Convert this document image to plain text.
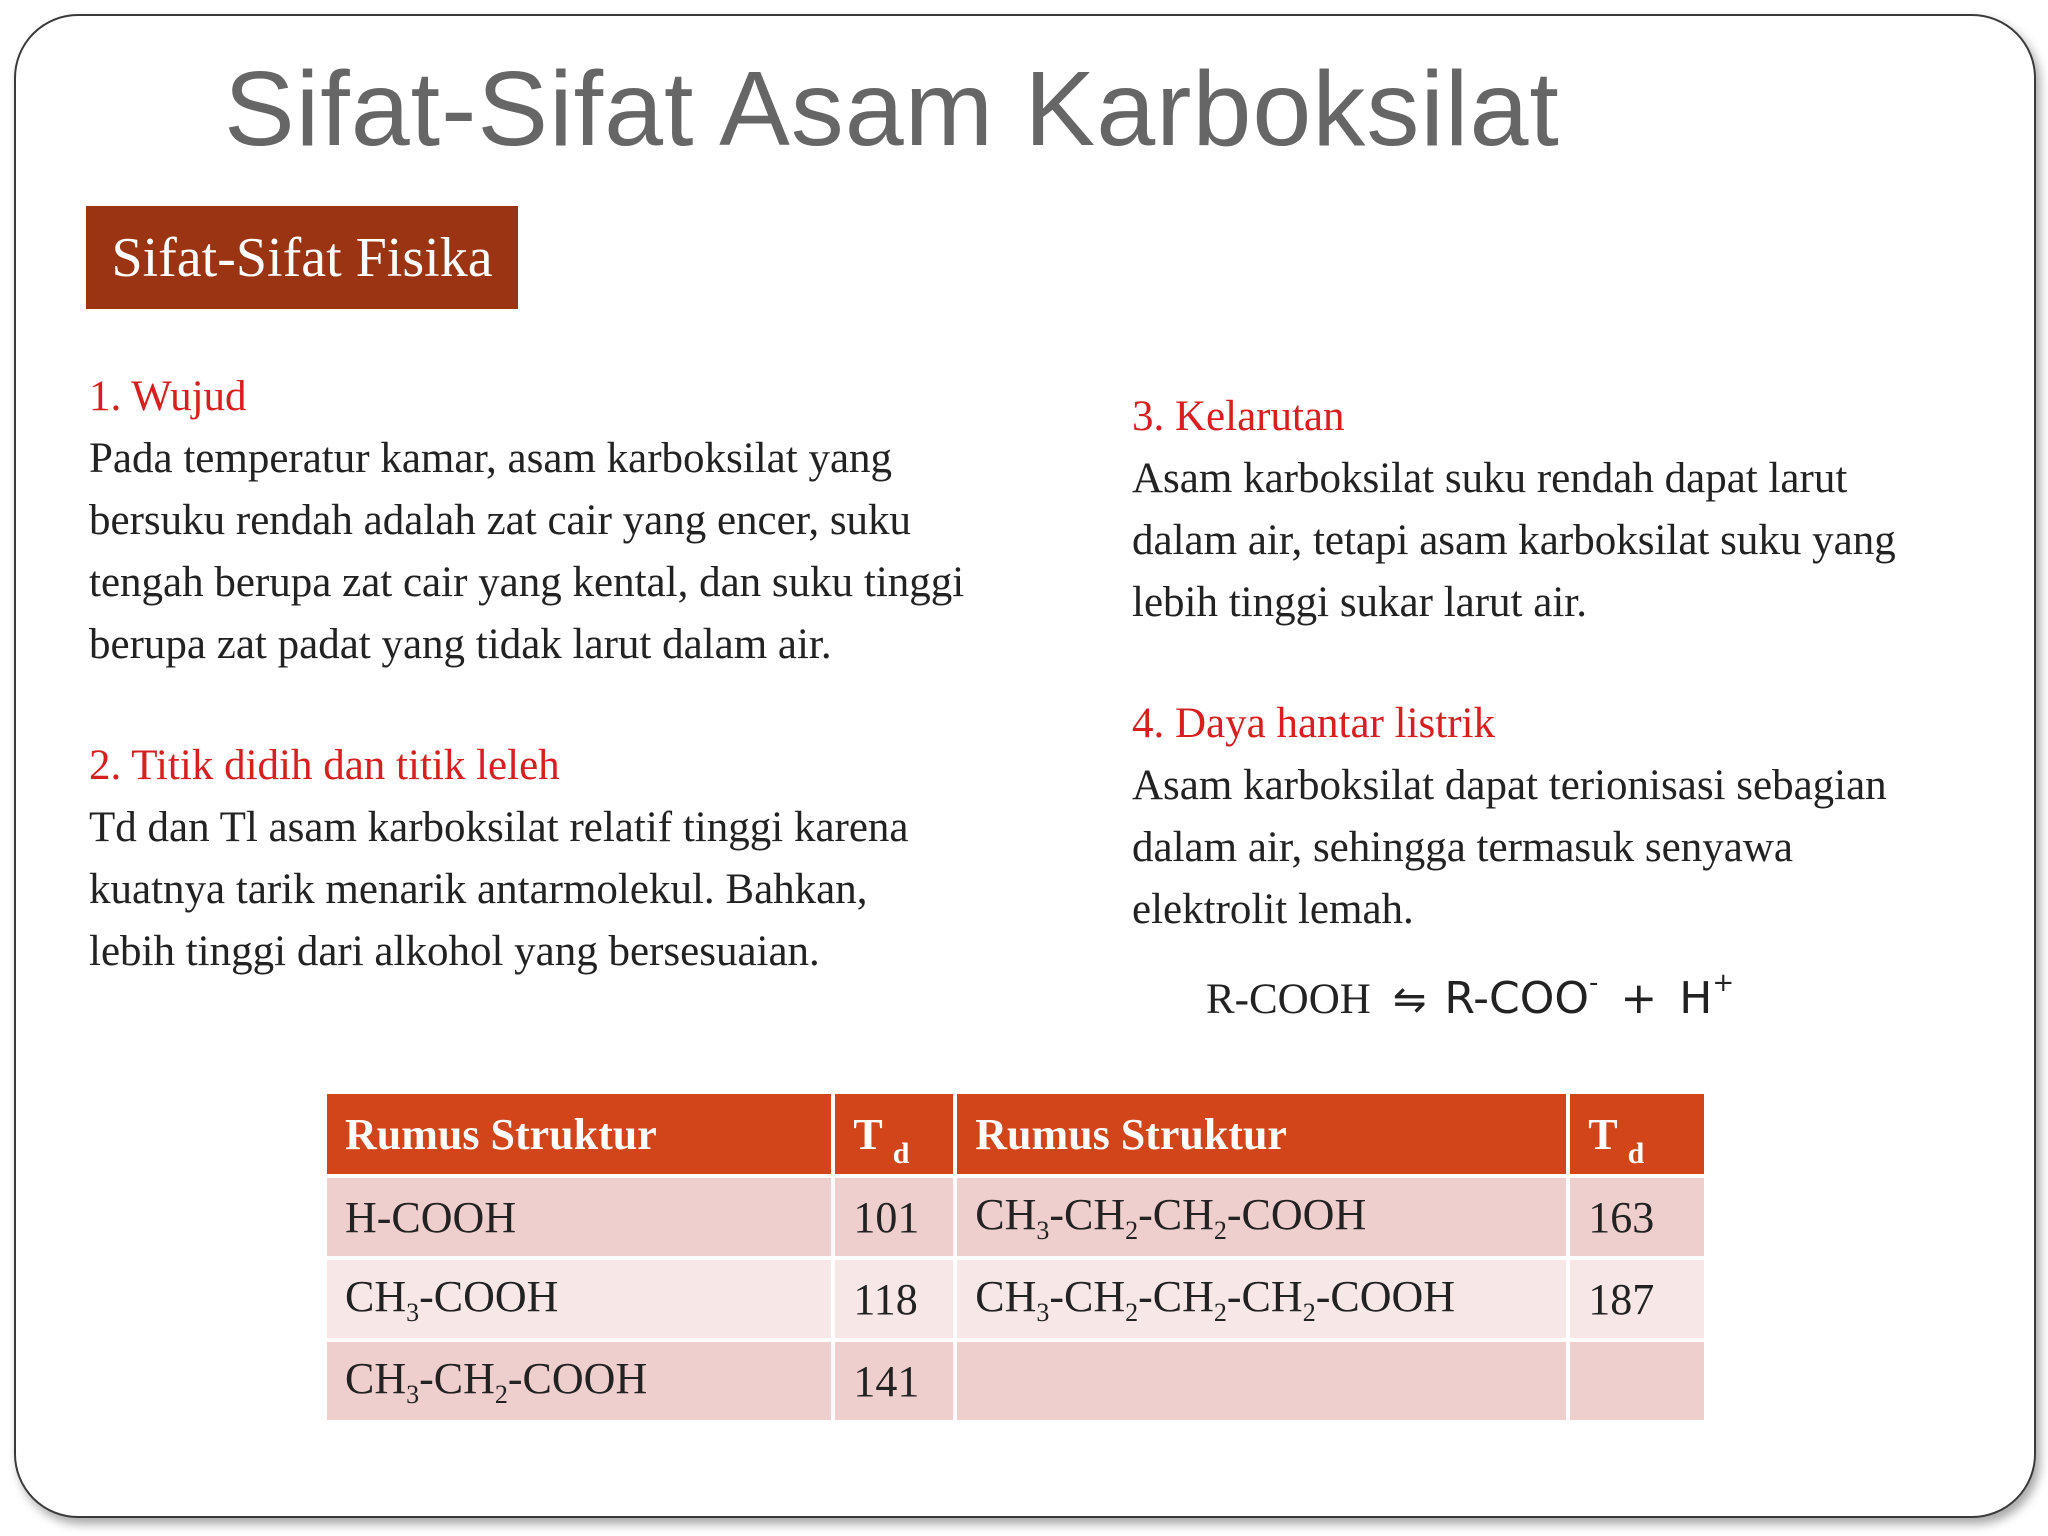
Sifat-Sifat Asam Karboksilat
Sifat-Sifat Fisika
1. Wujud
Pada temperatur kamar, asam karboksilat yang
bersuku rendah adalah zat cair yang encer, suku
tengah berupa zat cair yang kental, dan suku tinggi
berupa zat padat yang tidak larut dalam air.
2. Titik didih dan titik leleh
Td dan Tl asam karboksilat relatif tinggi karena
kuatnya tarik menarik antarmolekul. Bahkan,
lebih tinggi dari alkohol yang bersesuaian.
3. Kelarutan
Asam karboksilat suku rendah dapat larut
dalam air, tetapi asam karboksilat suku yang
lebih tinggi sukar larut air.
4. Daya hantar listrik
Asam karboksilat dapat terionisasi sebagian
dalam air, sehingga termasuk senyawa
elektrolit lemah.
R-COOH ⇋ R-COO- + H+
Rumus Struktur	T $_d$	Rumus Struktur	T $_d$
H-COOH	101	$CH_3-CH_2-CH_2$-COOH	163
$CH_3$-COOH	118	$CH_3-CH_2-CH_2-CH_2$-COOH	187
$CH_3-CH_2$-COOH	141		
